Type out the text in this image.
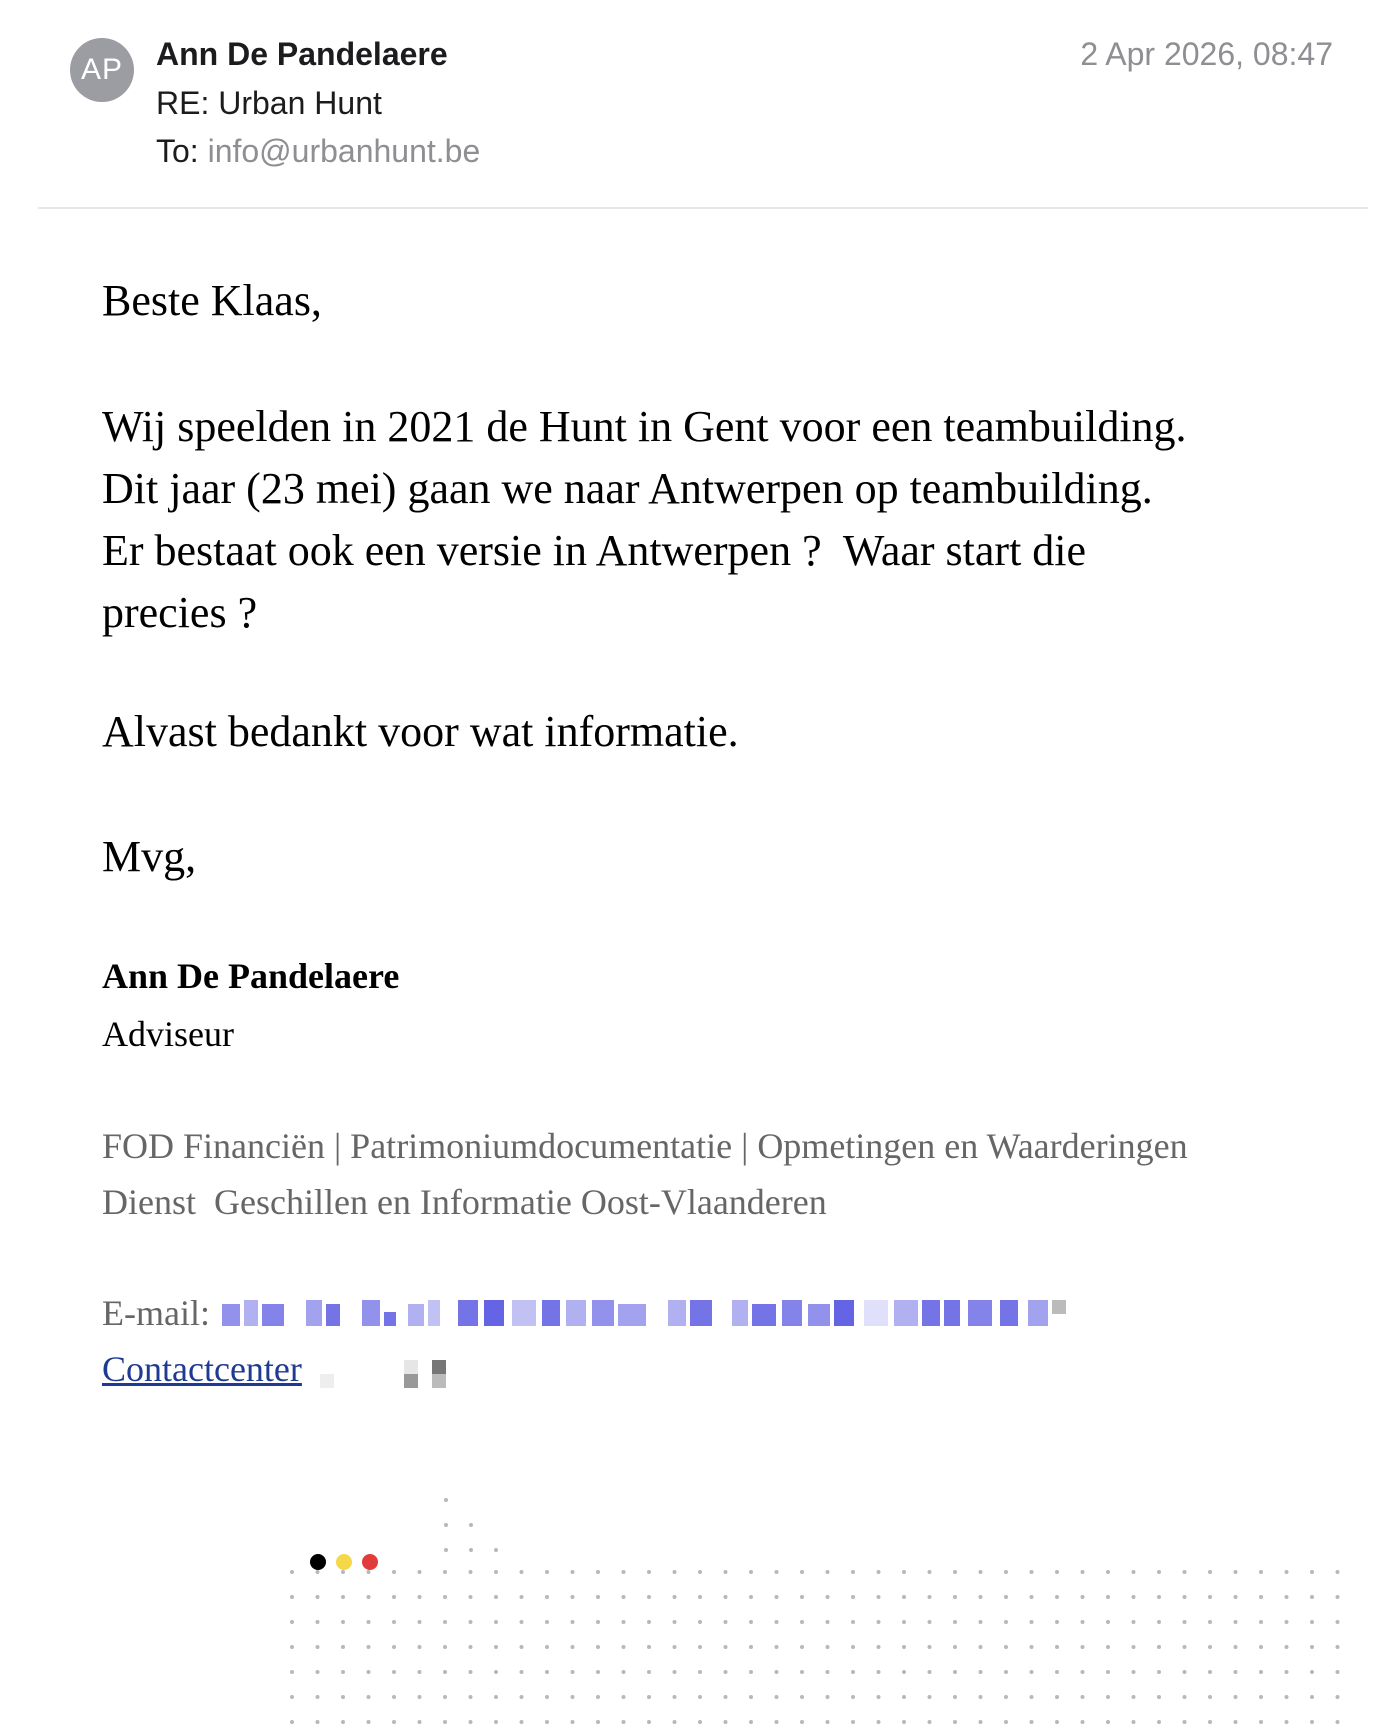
AP	Ann De Pandelaere	2 Apr 2026, 08:47
RE: Urban Hunt
To: info@urbanhunt.be

Beste Klaas,

Wij speelden in 2021 de Hunt in Gent voor een teambuilding.

Dit jaar (23 mei) gaan we naar Antwerpen op teambuilding.

Er bestaat ook een versie in Antwerpen ?  Waar start die

precies ?

Alvast bedankt voor wat informatie.

Mvg,

Ann De Pandelaere
Adviseur
FOD Financiën | Patrimoniumdocumentatie | Opmetingen en Waarderingen
Dienst  Geschillen en Informatie Oost-Vlaanderen
E-mail:
Contactcenter
